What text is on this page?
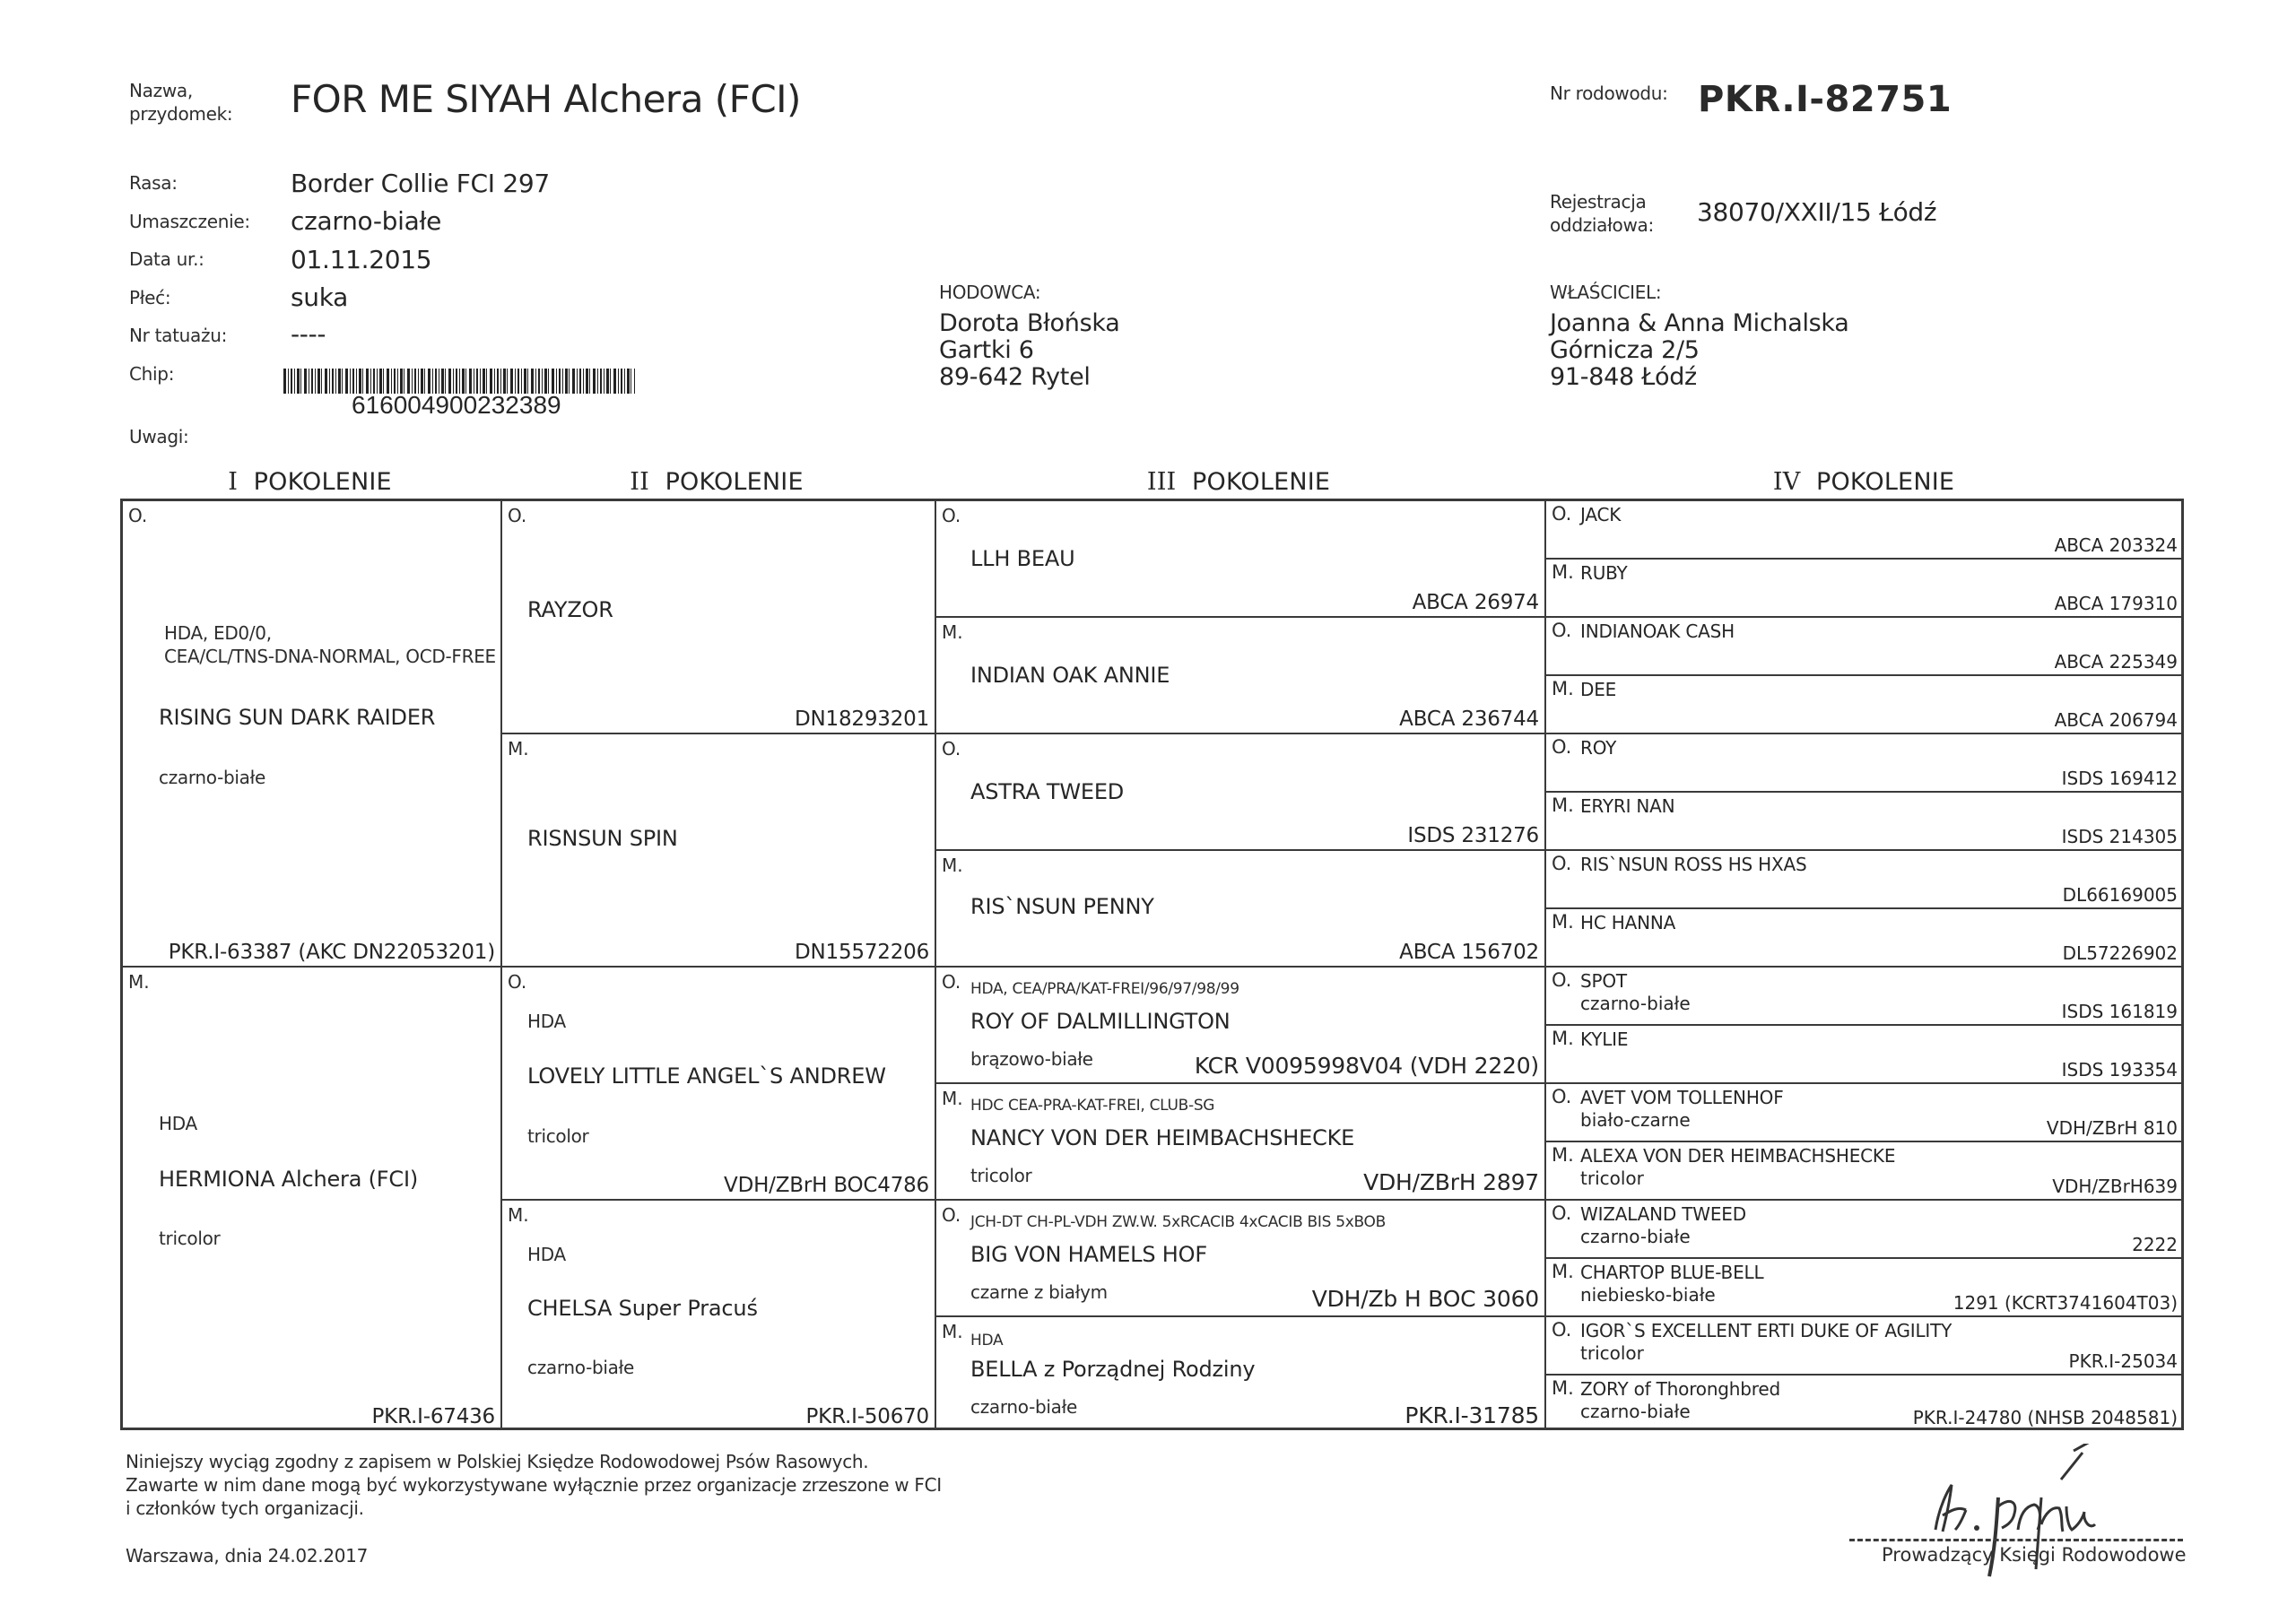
Nazwa,
przydomek: FOR ME SIYAH Alchera (FCI)	Nr rodowodu: PKR.I-82751
Rejestracja
oddziałowa: 38070/XXII/15 Łódź
Rasa:	Border Collie FCI 297
Umaszczenie: czarno-białe
Data ur.:	01.11.2015
Płeć:	suka
Nr tatuażu:	----
Chip:
616004900232389
Uwagi:
HODOWCA:
Dorota Błońska
Gartki 6
89-642 Rytel
WŁAŚCICIEL:
Joanna & Anna Michalska
Górnicza 2/5
91-848 Łódź
I POKOLENIE	II POKOLENIE	III POKOLENIE	IV POKOLENIE
O.
HDA, ED0/0,
CEA/CL/TNS-DNA-NORMAL, OCD-FREE
RISING SUN DARK RAIDER
czarno-białe
PKR.I-63387 (AKC DN22053201)
M.
HDA
HERMIONA Alchera (FCI)
tricolor
PKR.I-67436
O.
RAYZOR
DN18293201
M.
RISNSUN SPIN
DN15572206
O.
HDA
LOVELY LITTLE ANGEL`S ANDREW
tricolor
VDH/ZBrH BOC4786
M.
HDA
CHELSA Super Pracuś
czarno-białe
PKR.I-50670
O.
LLH BEAU
ABCA 26974
M.
INDIAN OAK ANNIE
ABCA 236744
O.
ASTRA TWEED
ISDS 231276
M.
RIS`NSUN PENNY
ABCA 156702
O. HDA, CEA/PRA/KAT-FREI/96/97/98/99
ROY OF DALMILLINGTON
brązowo-białe	KCR V0095998V04 (VDH 2220)
M. HDC CEA-PRA-KAT-FREI, CLUB-SG
NANCY VON DER HEIMBACHSHECKE
tricolor	VDH/ZBrH 2897
O. JCH-DT CH-PL-VDH ZW.W. 5xRCACIB 4xCACIB BIS 5xBOB
BIG VON HAMELS HOF
czarne z białym	VDH/Zb H BOC 3060
M. HDA
BELLA z Porządnej Rodziny
czarno-białe	PKR.I-31785
O. JACK
ABCA 203324
M. RUBY
ABCA 179310
O. INDIANOAK CASH
ABCA 225349
M. DEE
ABCA 206794
O. ROY
ISDS 169412
M. ERYRI NAN
ISDS 214305
O. RIS`NSUN ROSS HS HXAS
DL66169005
M. HC HANNA
DL57226902
O. SPOT
czarno-białe	ISDS 161819
M. KYLIE
ISDS 193354
O. AVET VOM TOLLENHOF
biało-czarne	VDH/ZBrH 810
M. ALEXA VON DER HEIMBACHSHECKE
tricolor	VDH/ZBrH639
O. WIZALAND TWEED
czarno-białe	2222
M. CHARTOP BLUE-BELL
niebiesko-białe	1291 (KCRT3741604T03)
O. IGOR`S EXCELLENT ERTI DUKE OF AGILITY
tricolor	PKR.I-25034
M. ZORY of Thoronghbred
czarno-białe	PKR.I-24780 (NHSB 2048581)
Niniejszy wyciąg zgodny z zapisem w Polskiej Księdze Rodowodowej Psów Rasowych.
Zawarte w nim dane mogą być wykorzystywane wyłącznie przez organizacje zrzeszone w FCI
i członków tych organizacji.
Warszawa, dnia 24.02.2017	Prowadzący Księgi Rodowodowe
